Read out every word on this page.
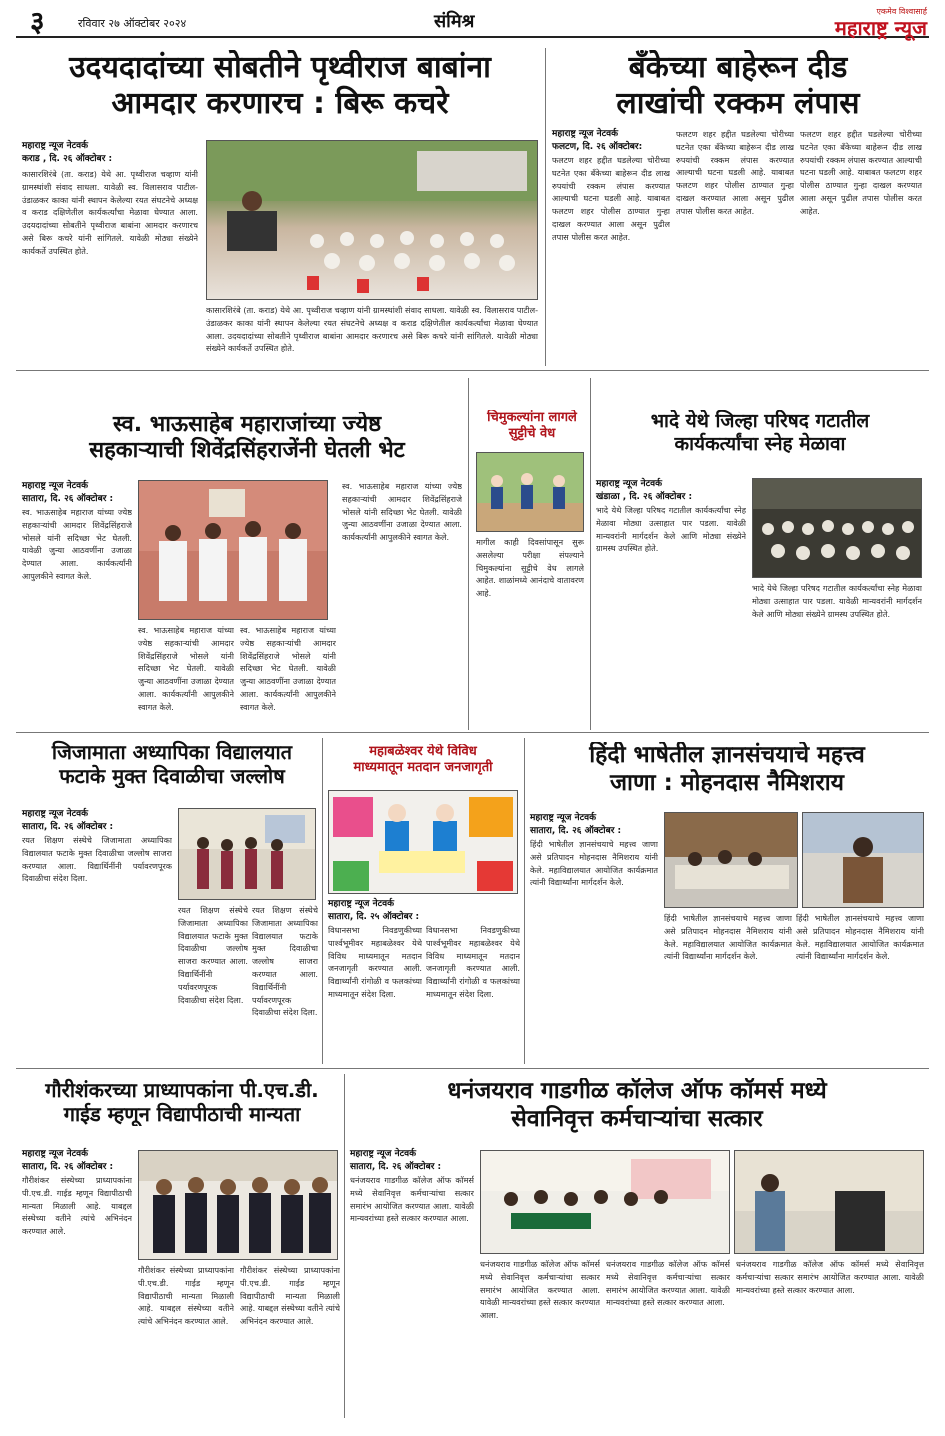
३	रविवार २७ ऑक्टोबर २०२४	संमिश्र	एकमेव विश्वासार्ह
महाराष्ट्र न्यूज
उदयदादांच्या सोबतीने पृथ्वीराज बाबांना
आमदार करणारच : बिरू कचरे
बँकेच्या बाहेरून दीड
लाखांची रक्कम लंपास
महाराष्ट्र न्यूज नेटवर्क
कराड , दि. २६ ऑक्टोबर :
कासारशिरंबे (ता. कराड) येथे आ. पृथ्वीराज चव्हाण यांनी ग्रामस्थांशी संवाद साधला. यावेळी स्व. विलासराव पाटील-उंडाळकर काका यांनी स्थापन केलेल्या रयत संघटनेचे अध्यक्ष व कराड दक्षिणेतील कार्यकर्त्यांचा मेळावा घेण्यात आला. उदयदादांच्या सोबतीने पृथ्वीराज बाबांना आमदार करणारच असे बिरू कचरे यांनी सांगितले. यावेळी मोठ्या संख्येने कार्यकर्ते उपस्थित होते.
कासारशिरंबे (ता. कराड) येथे आ. पृथ्वीराज चव्हाण यांनी ग्रामस्थांशी संवाद साधला. यावेळी स्व. विलासराव पाटील-उंडाळकर काका यांनी स्थापन केलेल्या रयत संघटनेचे अध्यक्ष व कराड दक्षिणेतील कार्यकर्त्यांचा मेळावा घेण्यात आला. उदयदादांच्या सोबतीने पृथ्वीराज बाबांना आमदार करणारच असे बिरू कचरे यांनी सांगितले. यावेळी मोठ्या संख्येने कार्यकर्ते उपस्थित होते.
महाराष्ट्र न्यूज नेटवर्क
फलटण, दि. २६ ऑक्टोबर:
फलटण शहर हद्दीत घडलेल्या चोरीच्या घटनेत एका बँकेच्या बाहेरून दीड लाख रुपयांची रक्कम लंपास करण्यात आल्याची घटना घडली आहे. याबाबत फलटण शहर पोलीस ठाण्यात गुन्हा दाखल करण्यात आला असून पुढील तपास पोलीस करत आहेत.
फलटण शहर हद्दीत घडलेल्या चोरीच्या घटनेत एका बँकेच्या बाहेरून दीड लाख रुपयांची रक्कम लंपास करण्यात आल्याची घटना घडली आहे. याबाबत फलटण शहर पोलीस ठाण्यात गुन्हा दाखल करण्यात आला असून पुढील तपास पोलीस करत आहेत.
फलटण शहर हद्दीत घडलेल्या चोरीच्या घटनेत एका बँकेच्या बाहेरून दीड लाख रुपयांची रक्कम लंपास करण्यात आल्याची घटना घडली आहे. याबाबत फलटण शहर पोलीस ठाण्यात गुन्हा दाखल करण्यात आला असून पुढील तपास पोलीस करत आहेत.
स्व. भाऊसाहेब महाराजांच्या ज्येष्ठ
सहकाऱ्याची शिवेंद्रसिंहराजेंनी घेतली भेट
महाराष्ट्र न्यूज नेटवर्क
सातारा, दि. २६ ऑक्टोबर :
स्व. भाऊसाहेब महाराज यांच्या ज्येष्ठ सहकाऱ्यांची आमदार शिवेंद्रसिंहराजे भोसले यांनी सदिच्छा भेट घेतली. यावेळी जुन्या आठवणींना उजाळा देण्यात आला. कार्यकर्त्यांनी आपुलकीने स्वागत केले.
स्व. भाऊसाहेब महाराज यांच्या ज्येष्ठ सहकाऱ्यांची आमदार शिवेंद्रसिंहराजे भोसले यांनी सदिच्छा भेट घेतली. यावेळी जुन्या आठवणींना उजाळा देण्यात आला. कार्यकर्त्यांनी आपुलकीने स्वागत केले.
स्व. भाऊसाहेब महाराज यांच्या ज्येष्ठ सहकाऱ्यांची आमदार शिवेंद्रसिंहराजे भोसले यांनी सदिच्छा भेट घेतली. यावेळी जुन्या आठवणींना उजाळा देण्यात आला. कार्यकर्त्यांनी आपुलकीने स्वागत केले.
स्व. भाऊसाहेब महाराज यांच्या ज्येष्ठ सहकाऱ्यांची आमदार शिवेंद्रसिंहराजे भोसले यांनी सदिच्छा भेट घेतली. यावेळी जुन्या आठवणींना उजाळा देण्यात आला. कार्यकर्त्यांनी आपुलकीने स्वागत केले.
चिमुकल्यांना लागले
सुट्टीचे वेध
मागील काही दिवसांपासून सुरू असलेल्या परीक्षा संपल्याने चिमुकल्यांना सुट्टीचे वेध लागले आहेत. शाळांमध्ये आनंदाचे वातावरण आहे.
भादे येथे जिल्हा परिषद गटातील
कार्यकर्त्यांचा स्नेह मेळावा
महाराष्ट्र न्यूज नेटवर्क
खंडाळा , दि. २६ ऑक्टोबर :
भादे येथे जिल्हा परिषद गटातील कार्यकर्त्यांचा स्नेह मेळावा मोठ्या उत्साहात पार पडला. यावेळी मान्यवरांनी मार्गदर्शन केले आणि मोठ्या संख्येने ग्रामस्थ उपस्थित होते.
भादे येथे जिल्हा परिषद गटातील कार्यकर्त्यांचा स्नेह मेळावा मोठ्या उत्साहात पार पडला. यावेळी मान्यवरांनी मार्गदर्शन केले आणि मोठ्या संख्येने ग्रामस्थ उपस्थित होते.
जिजामाता अध्यापिका विद्यालयात
फटाके मुक्त दिवाळीचा जल्लोष
महाराष्ट्र न्यूज नेटवर्क
सातारा, दि. २६ ऑक्टोबर :
रयत शिक्षण संस्थेचे जिजामाता अध्यापिका विद्यालयात फटाके मुक्त दिवाळीचा जल्लोष साजरा करण्यात आला. विद्यार्थिनींनी पर्यावरणपूरक दिवाळीचा संदेश दिला.
रयत शिक्षण संस्थेचे जिजामाता अध्यापिका विद्यालयात फटाके मुक्त दिवाळीचा जल्लोष साजरा करण्यात आला. विद्यार्थिनींनी पर्यावरणपूरक दिवाळीचा संदेश दिला.
रयत शिक्षण संस्थेचे जिजामाता अध्यापिका विद्यालयात फटाके मुक्त दिवाळीचा जल्लोष साजरा करण्यात आला. विद्यार्थिनींनी पर्यावरणपूरक दिवाळीचा संदेश दिला.
महाबळेश्वर येथे विविध
माध्यमातून मतदान जनजागृती
महाराष्ट्र न्यूज नेटवर्क
सातारा, दि. २५ ऑक्टोबर :
विधानसभा निवडणुकीच्या पार्श्वभूमीवर महाबळेश्वर येथे विविध माध्यमातून मतदान जनजागृती करण्यात आली. विद्यार्थ्यांनी रांगोळी व फलकांच्या माध्यमातून संदेश दिला.
विधानसभा निवडणुकीच्या पार्श्वभूमीवर महाबळेश्वर येथे विविध माध्यमातून मतदान जनजागृती करण्यात आली. विद्यार्थ्यांनी रांगोळी व फलकांच्या माध्यमातून संदेश दिला.
हिंदी भाषेतील ज्ञानसंचयाचे महत्त्व
जाणा : मोहनदास नैमिशराय
महाराष्ट्र न्यूज नेटवर्क
सातारा, दि. २६ ऑक्टोबर :
हिंदी भाषेतील ज्ञानसंचयाचे महत्त्व जाणा असे प्रतिपादन मोहनदास नैमिशराय यांनी केले. महाविद्यालयात आयोजित कार्यक्रमात त्यांनी विद्यार्थ्यांना मार्गदर्शन केले.
हिंदी भाषेतील ज्ञानसंचयाचे महत्त्व जाणा असे प्रतिपादन मोहनदास नैमिशराय यांनी केले. महाविद्यालयात आयोजित कार्यक्रमात त्यांनी विद्यार्थ्यांना मार्गदर्शन केले.
हिंदी भाषेतील ज्ञानसंचयाचे महत्त्व जाणा असे प्रतिपादन मोहनदास नैमिशराय यांनी केले. महाविद्यालयात आयोजित कार्यक्रमात त्यांनी विद्यार्थ्यांना मार्गदर्शन केले.
गौरीशंकरच्या प्राध्यापकांना पी.एच.डी.
गाईड म्हणून विद्यापीठाची मान्यता
महाराष्ट्र न्यूज नेटवर्क
सातारा, दि. २६ ऑक्टोबर :
गौरीशंकर संस्थेच्या प्राध्यापकांना पी.एच.डी. गाईड म्हणून विद्यापीठाची मान्यता मिळाली आहे. याबद्दल संस्थेच्या वतीने त्यांचे अभिनंदन करण्यात आले.
गौरीशंकर संस्थेच्या प्राध्यापकांना पी.एच.डी. गाईड म्हणून विद्यापीठाची मान्यता मिळाली आहे. याबद्दल संस्थेच्या वतीने त्यांचे अभिनंदन करण्यात आले.
गौरीशंकर संस्थेच्या प्राध्यापकांना पी.एच.डी. गाईड म्हणून विद्यापीठाची मान्यता मिळाली आहे. याबद्दल संस्थेच्या वतीने त्यांचे अभिनंदन करण्यात आले.
धनंजयराव गाडगीळ कॉलेज ऑफ कॉमर्स मध्ये
सेवानिवृत्त कर्मचाऱ्यांचा सत्कार
महाराष्ट्र न्यूज नेटवर्क
सातारा, दि. २६ ऑक्टोबर :
धनंजयराव गाडगीळ कॉलेज ऑफ कॉमर्स मध्ये सेवानिवृत्त कर्मचाऱ्यांचा सत्कार समारंभ आयोजित करण्यात आला. यावेळी मान्यवरांच्या हस्ते सत्कार करण्यात आला.
धनंजयराव गाडगीळ कॉलेज ऑफ कॉमर्स मध्ये सेवानिवृत्त कर्मचाऱ्यांचा सत्कार समारंभ आयोजित करण्यात आला. यावेळी मान्यवरांच्या हस्ते सत्कार करण्यात आला.
धनंजयराव गाडगीळ कॉलेज ऑफ कॉमर्स मध्ये सेवानिवृत्त कर्मचाऱ्यांचा सत्कार समारंभ आयोजित करण्यात आला. यावेळी मान्यवरांच्या हस्ते सत्कार करण्यात आला.
धनंजयराव गाडगीळ कॉलेज ऑफ कॉमर्स मध्ये सेवानिवृत्त कर्मचाऱ्यांचा सत्कार समारंभ आयोजित करण्यात आला. यावेळी मान्यवरांच्या हस्ते सत्कार करण्यात आला.
